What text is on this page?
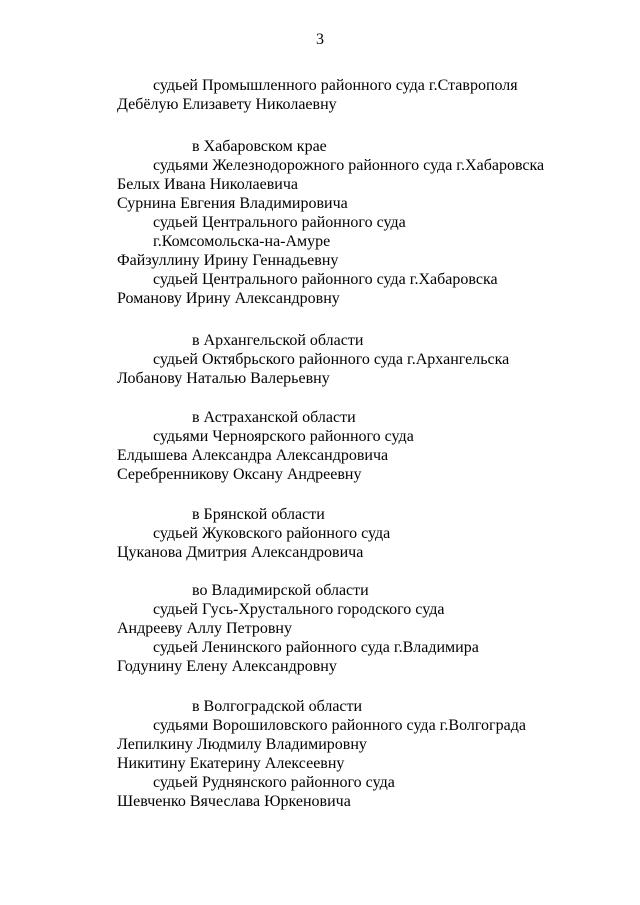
3
судьей Промышленного районного суда г.Ставрополя
Дебёлую Елизавету Николаевну
в Хабаровском крае
судьями Железнодорожного районного суда г.Хабаровска
Белых Ивана Николаевича
Сурнина Евгения Владимировича
судьей Центрального районного суда
г.Комсомольска-на-Амуре
Файзуллину Ирину Геннадьевну
судьей Центрального районного суда г.Хабаровска
Романову Ирину Александровну
в Архангельской области
судьей Октябрьского районного суда г.Архангельска
Лобанову Наталью Валерьевну
в Астраханской области
судьями Черноярского районного суда
Елдышева Александра Александровича
Серебренникову Оксану Андреевну
в Брянской области
судьей Жуковского районного суда
Цуканова Дмитрия Александровича
во Владимирской области
судьей Гусь-Хрустального городского суда
Андрееву Аллу Петровну
судьей Ленинского районного суда г.Владимира
Годунину Елену Александровну
в Волгоградской области
судьями Ворошиловского районного суда г.Волгограда
Лепилкину Людмилу Владимировну
Никитину Екатерину Алексеевну
судьей Руднянского районного суда
Шевченко Вячеслава Юркеновича
